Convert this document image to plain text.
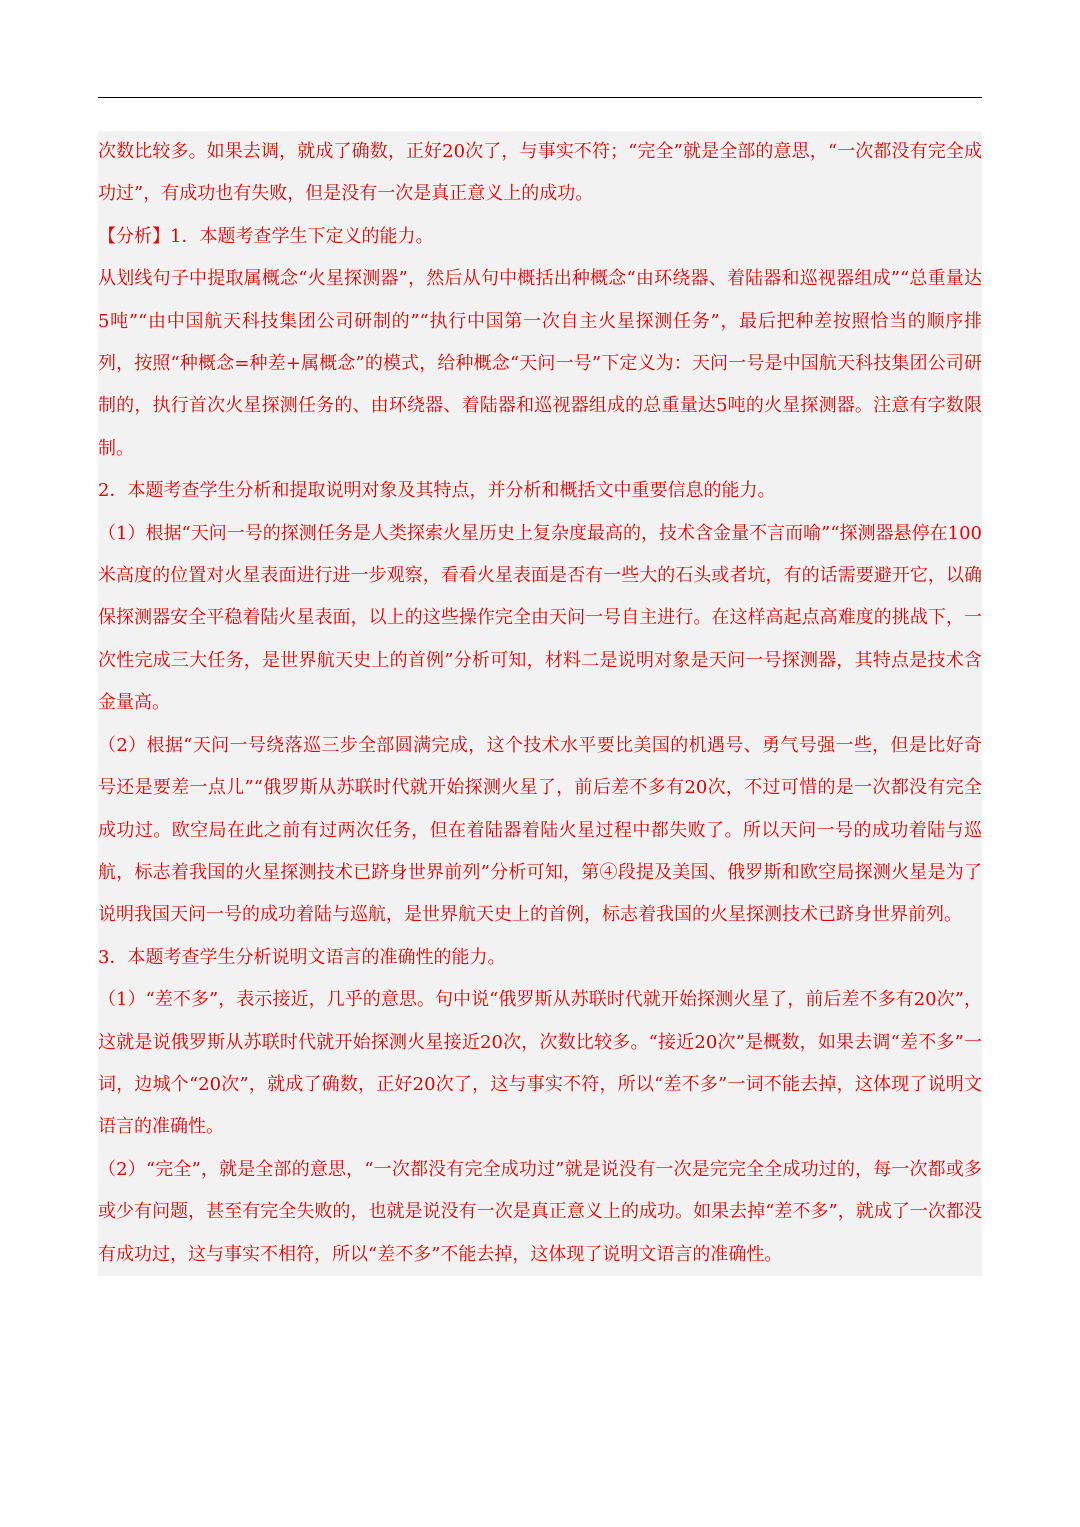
次数比较多。如果去调，就成了确数，正好20次了，与事实不符；“完全”就是全部的意思，“一次都没有完全成功过”，有成功也有失败，但是没有一次是真正意义上的成功。

【分析】1．本题考查学生下定义的能力。

从划线句子中提取属概念“火星探测器”，然后从句中概括出种概念“由环绕器、着陆器和巡视器组成”“总重量达5吨”“由中国航天科技集团公司研制的”“执行中国第一次自主火星探测任务”，最后把种差按照恰当的顺序排列，按照“种概念=种差+属概念”的模式，给种概念“天问一号”下定义为：天问一号是中国航天科技集团公司研制的，执行首次火星探测任务的、由环绕器、着陆器和巡视器组成的总重量达5吨的火星探测器。注意有字数限制。

2．本题考查学生分析和提取说明对象及其特点，并分析和概括文中重要信息的能力。

（1）根据“天问一号的探测任务是人类探索火星历史上复杂度最高的，技术含金量不言而喻”“探测器悬停在100米高度的位置对火星表面进行进一步观察，看看火星表面是否有一些大的石头或者坑，有的话需要避开它，以确保探测器安全平稳着陆火星表面，以上的这些操作完全由天问一号自主进行。在这样高起点高难度的挑战下，一次性完成三大任务，是世界航天史上的首例”分析可知，材料二是说明对象是天问一号探测器，其特点是技术含金量高。

（2）根据“天问一号绕落巡三步全部圆满完成，这个技术水平要比美国的机遇号、勇气号强一些，但是比好奇号还是要差一点儿”“俄罗斯从苏联时代就开始探测火星了，前后差不多有20次，不过可惜的是一次都没有完全成功过。欧空局在此之前有过两次任务，但在着陆器着陆火星过程中都失败了。所以天问一号的成功着陆与巡航，标志着我国的火星探测技术已跻身世界前列”分析可知，第④段提及美国、俄罗斯和欧空局探测火星是为了说明我国天问一号的成功着陆与巡航，是世界航天史上的首例，标志着我国的火星探测技术已跻身世界前列。

3．本题考查学生分析说明文语言的准确性的能力。

（1）“差不多”，表示接近，几乎的意思。句中说“俄罗斯从苏联时代就开始探测火星了，前后差不多有20次”，这就是说俄罗斯从苏联时代就开始探测火星接近20次，次数比较多。“接近20次”是概数，如果去调“差不多”一词，边城个“20次”，就成了确数，正好20次了，这与事实不符，所以“差不多”一词不能去掉，这体现了说明文语言的准确性。

（2）“完全”，就是全部的意思，“一次都没有完全成功过”就是说没有一次是完完全全成功过的，每一次都或多或少有问题，甚至有完全失败的，也就是说没有一次是真正意义上的成功。如果去掉“差不多”，就成了一次都没有成功过，这与事实不相符，所以“差不多”不能去掉，这体现了说明文语言的准确性。
